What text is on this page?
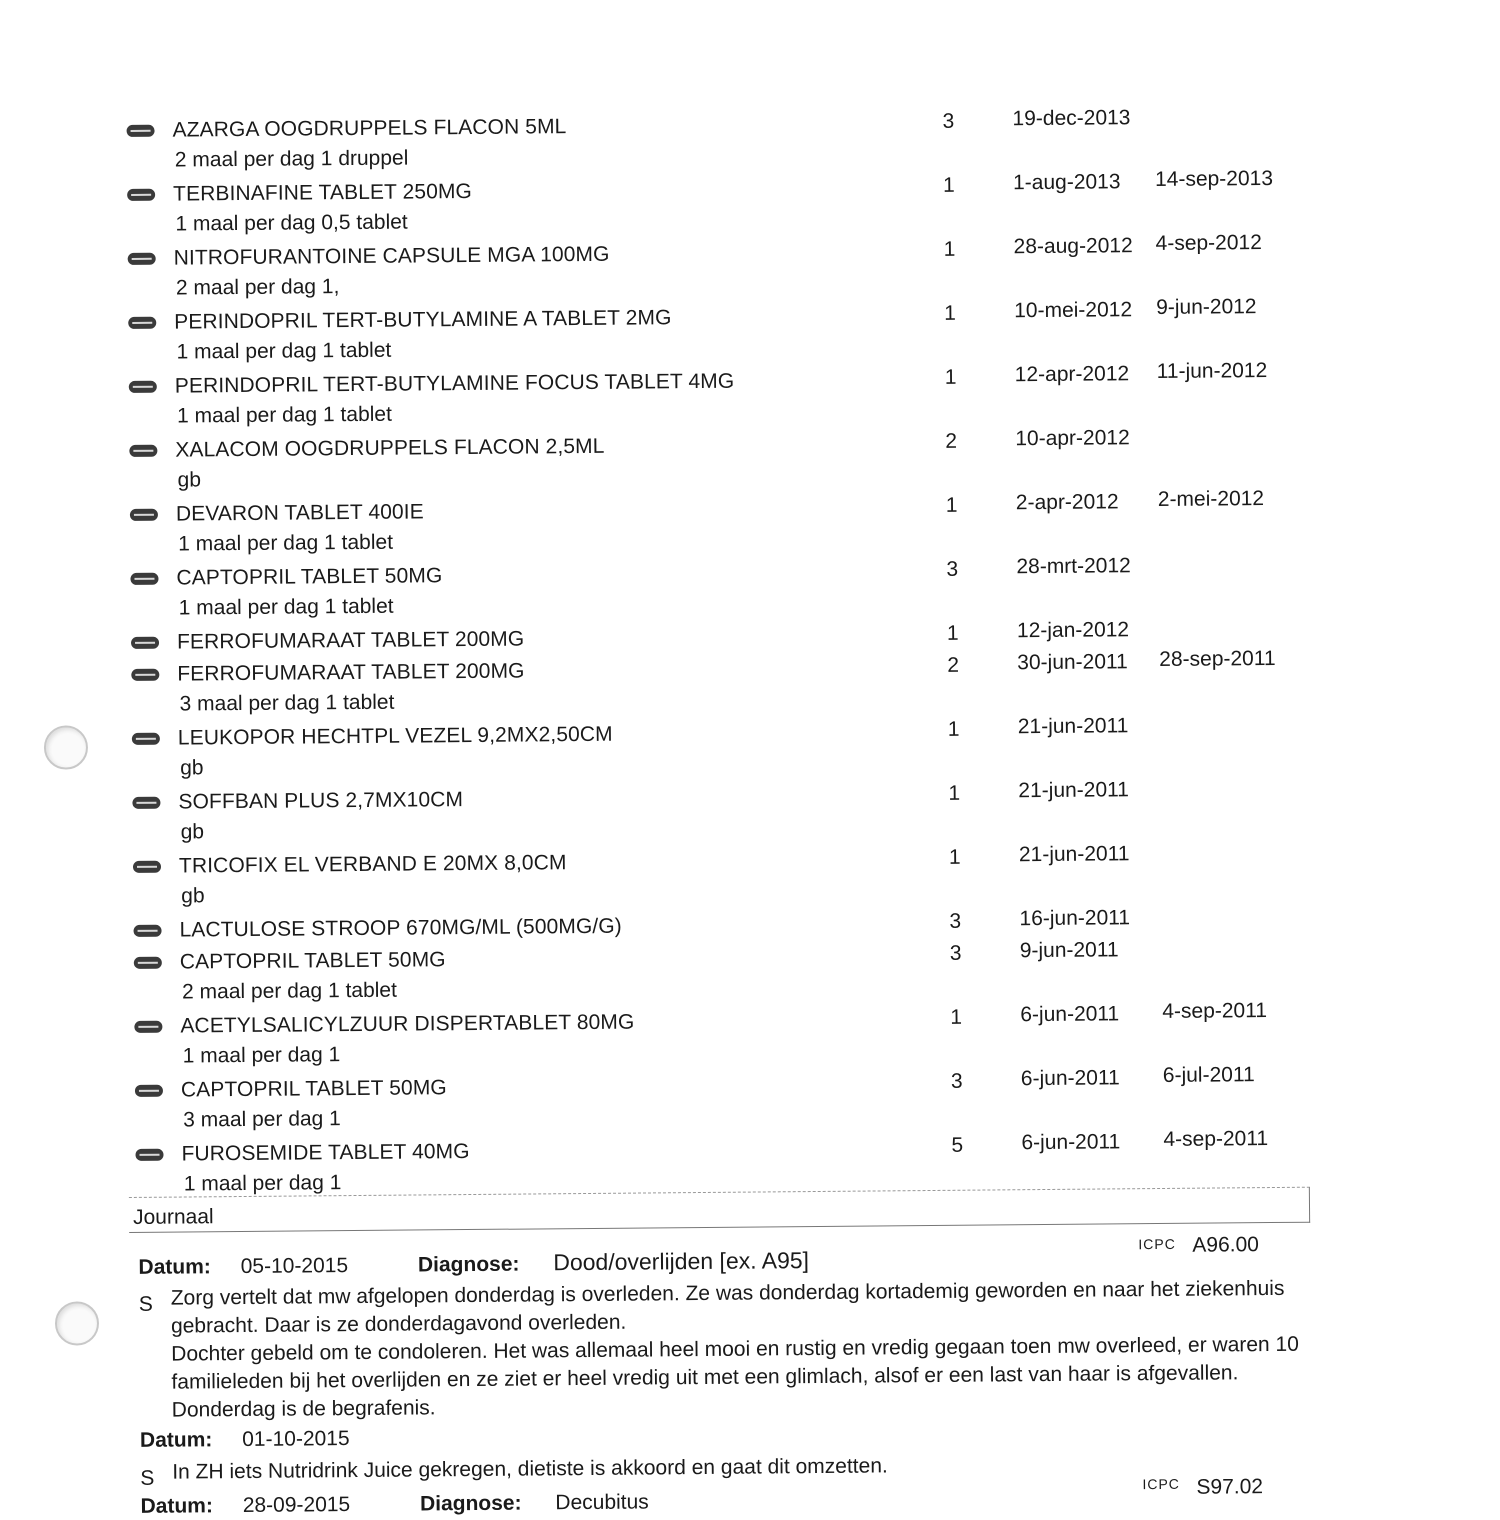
AZARGA OOGDRUPPELS FLACON 5ML	3	19-dec-2013
2 maal per dag 1 druppel
TERBINAFINE TABLET 250MG	1	1-aug-2013 14-sep-2013
1 maal per dag 0,5 tablet
NITROFURANTOINE CAPSULE MGA 100MG	1	28-aug-2012 4-sep-2012
2 maal per dag 1,
PERINDOPRIL TERT-BUTYLAMINE A TABLET 2MG	1	10-mei-2012 9-jun-2012
1 maal per dag 1 tablet
PERINDOPRIL TERT-BUTYLAMINE FOCUS TABLET 4MG	1	12-apr-2012 11-jun-2012
1 maal per dag 1 tablet
XALACOM OOGDRUPPELS FLACON 2,5ML	2	10-apr-2012
gb
DEVARON TABLET 400IE	1	2-apr-2012 2-mei-2012
1 maal per dag 1 tablet
CAPTOPRIL TABLET 50MG	3	28-mrt-2012
1 maal per dag 1 tablet
FERROFUMARAAT TABLET 200MG	1	12-jan-2012
FERROFUMARAAT TABLET 200MG	2	30-jun-2011 28-sep-2011
3 maal per dag 1 tablet
LEUKOPOR HECHTPL VEZEL 9,2MX2,50CM	1	21-jun-2011
gb
SOFFBAN PLUS 2,7MX10CM	1	21-jun-2011
gb
TRICOFIX EL VERBAND E 20MX 8,0CM	1	21-jun-2011
gb
LACTULOSE STROOP 670MG/ML (500MG/G)	3	16-jun-2011
CAPTOPRIL TABLET 50MG	3	9-jun-2011
2 maal per dag 1 tablet
ACETYLSALICYLZUUR DISPERTABLET 80MG	1	6-jun-2011 4-sep-2011
1 maal per dag 1
CAPTOPRIL TABLET 50MG	3	6-jun-2011 6-jul-2011
3 maal per dag 1
FUROSEMIDE TABLET 40MG	5	6-jun-2011 4-sep-2011
1 maal per dag 1
Journaal
Datum: 05-10-2015	Diagnose: Dood/overlijden [ex. A95]
ICPC A96.00
S Zorg vertelt dat mw afgelopen donderdag is overleden. Ze was donderdag kortademig geworden en naar het ziekenhuis gebracht. Daar is ze donderdagavond overleden.
Dochter gebeld om te condoleren. Het was allemaal heel mooi en rustig en vredig gegaan toen mw overleed, er waren 10 familieleden bij het overlijden en ze ziet er heel vredig uit met een glimlach, alsof er een last van haar is afgevallen. Donderdag is de begrafenis.
Datum: 01-10-2015
S In ZH iets Nutridrink Juice gekregen, dietiste is akkoord en gaat dit omzetten.
Datum: 28-09-2015	Diagnose: Decubitus
ICPC S97.02
